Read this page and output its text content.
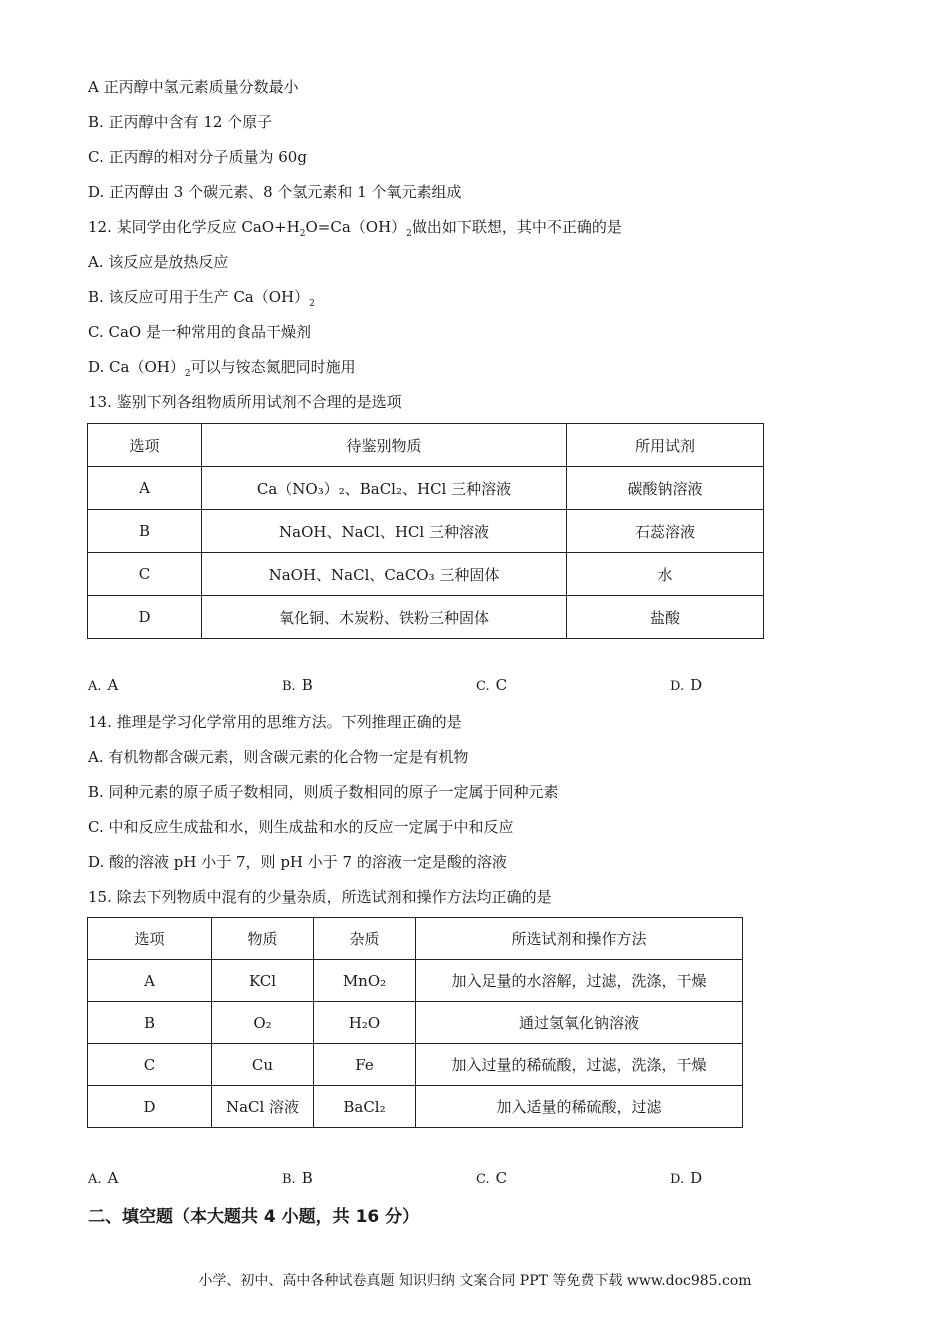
A 正丙醇中氢元素质量分数最小
B. 正丙醇中含有 12 个原子
C. 正丙醇的相对分子质量为 60g
D. 正丙醇由 3 个碳元素、8 个氢元素和 1 个氧元素组成
12. 某同学由化学反应 $CaO+H_2O=Ca(OH)_2$做出如下联想，其中不正确的是
A. 该反应是放热反应
B. 该反应可用于生产 $Ca(OH)_2$
C. CaO 是一种常用的食品干燥剂
D. $Ca(OH)_2$可以与铵态氮肥同时施用
13. 鉴别下列各组物质所用试剂不合理的是选项
选项	待鉴别物质	所用试剂
A	Ca（NO₃）₂、BaCl₂、HCl 三种溶液	碳酸钠溶液
B	NaOH、NaCl、HCl 三种溶液	石蕊溶液
C	NaOH、NaCl、CaCO₃ 三种固体	水
D	氧化铜、木炭粉、铁粉三种固体	盐酸
A. A	B. B	C. C	D. D
14. 推理是学习化学常用的思维方法。下列推理正确的是
A. 有机物都含碳元素，则含碳元素的化合物一定是有机物
B. 同种元素的原子质子数相同，则质子数相同的原子一定属于同种元素
C. 中和反应生成盐和水，则生成盐和水的反应一定属于中和反应
D. 酸的溶液 pH 小于 7，则 pH 小于 7 的溶液一定是酸的溶液
15. 除去下列物质中混有的少量杂质，所选试剂和操作方法均正确的是
选项	物质	杂质	所选试剂和操作方法
A	KCl	MnO₂	加入足量的水溶解，过滤，洗涤，干燥
B	O₂	H₂O	通过氢氧化钠溶液
C	Cu	Fe	加入过量的稀硫酸，过滤，洗涤，干燥
D	NaCl 溶液	BaCl₂	加入适量的稀硫酸，过滤
A. A	B. B	C. C	D. D
二、填空题（本大题共 4 小题，共 16 分）
小学、初中、高中各种试卷真题 知识归纳 文案合同 PPT 等免费下载 www.doc985.com
